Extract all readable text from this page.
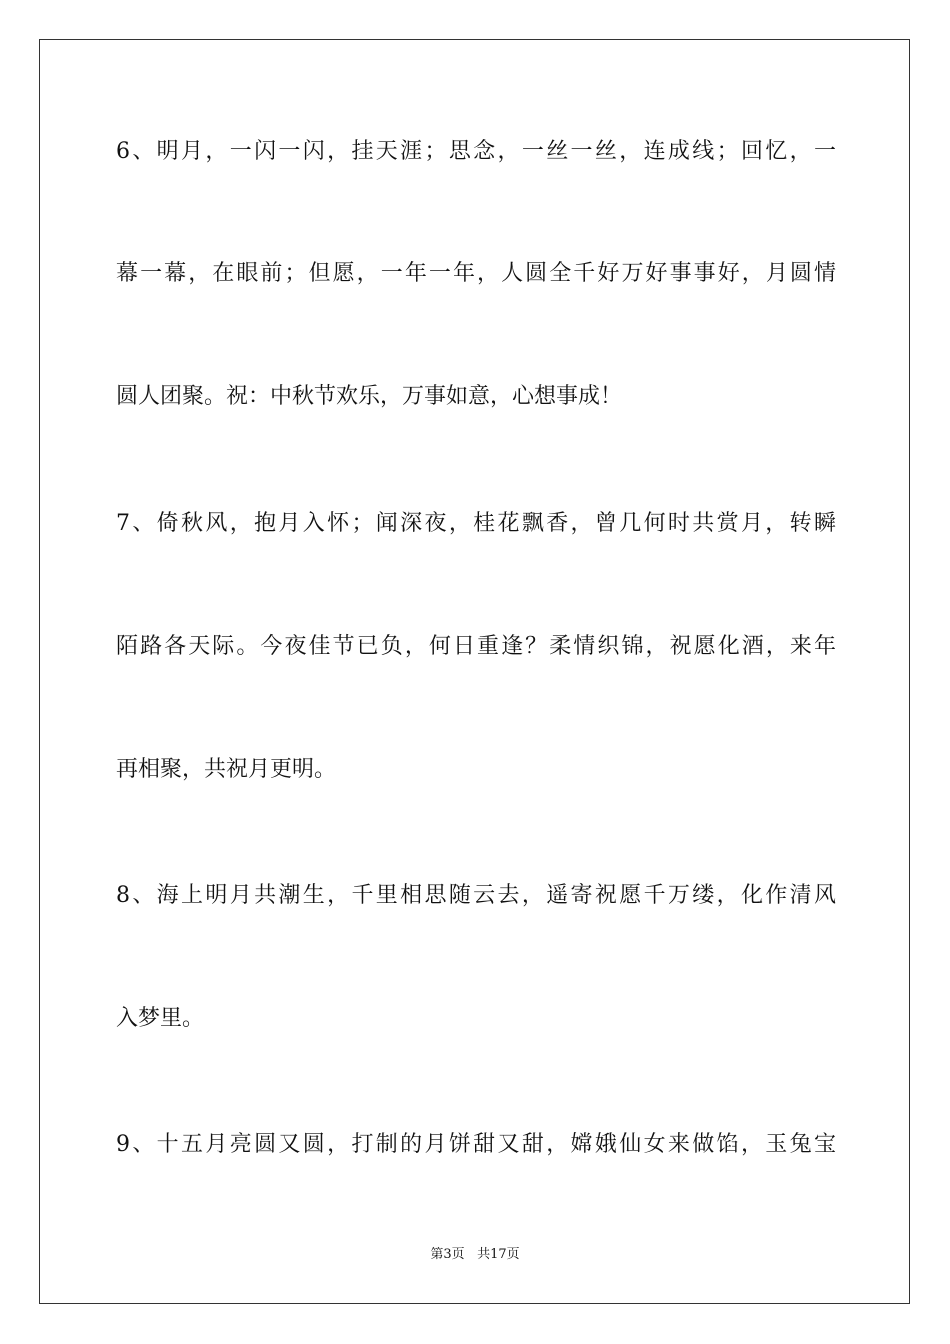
6、明月，一闪一闪，挂天涯；思念，一丝一丝，连成线；回忆，一
幕一幕，在眼前；但愿，一年一年，人圆全千好万好事事好，月圆情
圆人团聚。祝：中秋节欢乐，万事如意，心想事成！
7、倚秋风，抱月入怀；闻深夜，桂花飘香，曾几何时共赏月，转瞬
陌路各天际。今夜佳节已负，何日重逢？柔情织锦，祝愿化酒，来年
再相聚，共祝月更明。
8、海上明月共潮生，千里相思随云去，遥寄祝愿千万缕，化作清风
入梦里。
9、十五月亮圆又圆，打制的月饼甜又甜，嫦娥仙女来做馅，玉兔宝
第3页 共17页
